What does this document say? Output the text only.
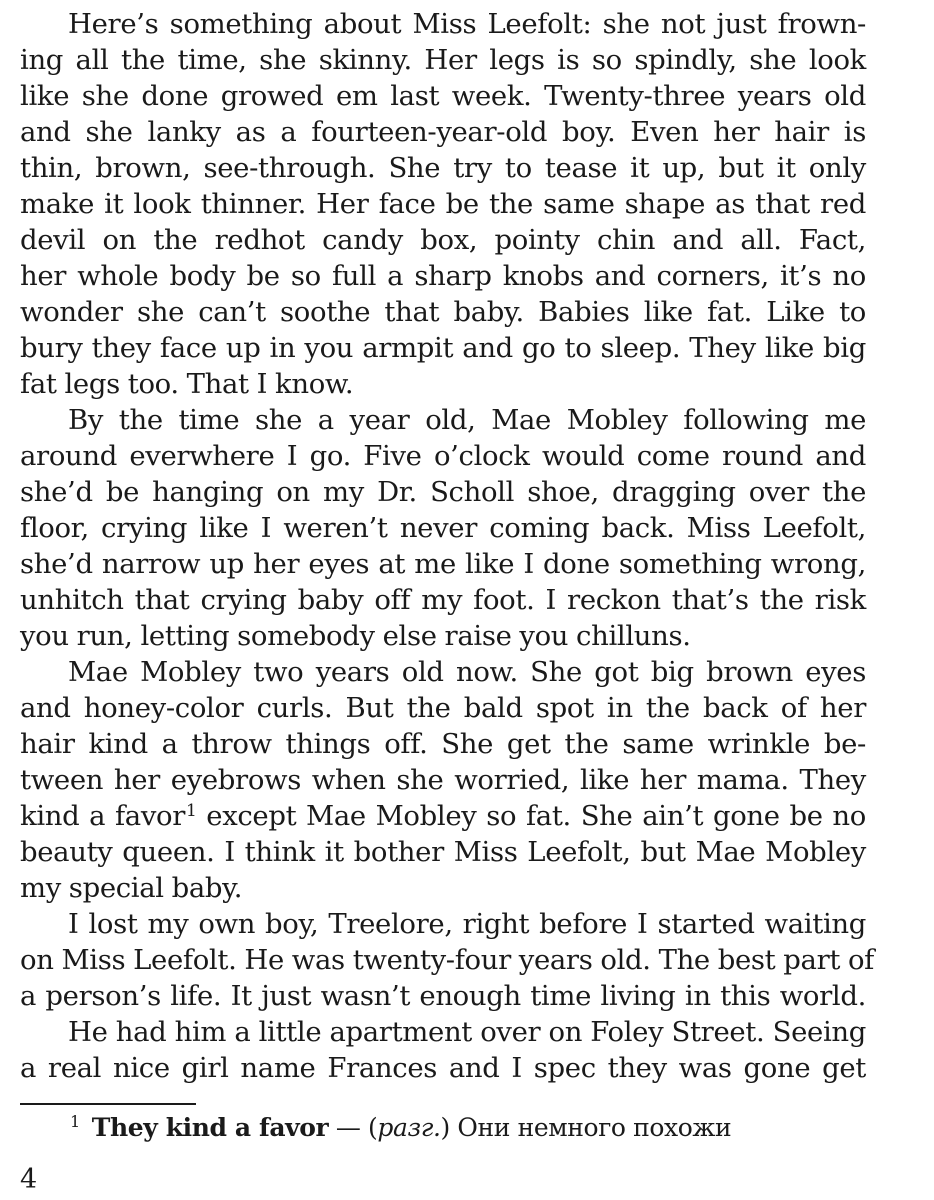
Here’s something about Miss Leefolt: she not just frown-
ing all the time, she skinny. Her legs is so spindly, she look
like she done growed em last week. Twenty-three years old
and she lanky as a fourteen-year-old boy. Even her hair is
thin, brown, see-through. She try to tease it up, but it only
make it look thinner. Her face be the same shape as that red
devil on the redhot candy box, pointy chin and all. Fact,
her whole body be so full a sharp knobs and corners, it’s no
wonder she can’t soothe that baby. Babies like fat. Like to
bury they face up in you armpit and go to sleep. They like big
fat legs too. That I know.
By the time she a year old, Mae Mobley following me
around everwhere I go. Five o’clock would come round and
she’d be hanging on my Dr. Scholl shoe, dragging over the
floor, crying like I weren’t never coming back. Miss Leefolt,
she’d narrow up her eyes at me like I done something wrong,
unhitch that crying baby off my foot. I reckon that’s the risk
you run, letting somebody else raise you chilluns.
Mae Mobley two years old now. She got big brown eyes
and honey-color curls. But the bald spot in the back of her
hair kind a throw things off. She get the same wrinkle be-
tween her eyebrows when she worried, like her mama. They
kind a favor$^1$ except Mae Mobley so fat. She ain’t gone be no
beauty queen. I think it bother Miss Leefolt, but Mae Mobley
my special baby.
I lost my own boy, Treelore, right before I started waiting
on Miss Leefolt. He was twenty-four years old. The best part of
a person’s life. It just wasn’t enough time living in this world.
He had him a little apartment over on Foley Street. Seeing
a real nice girl name Frances and I spec they was gone get
$^1$ They kind a favor — (разг.) Они немного похожи
4
